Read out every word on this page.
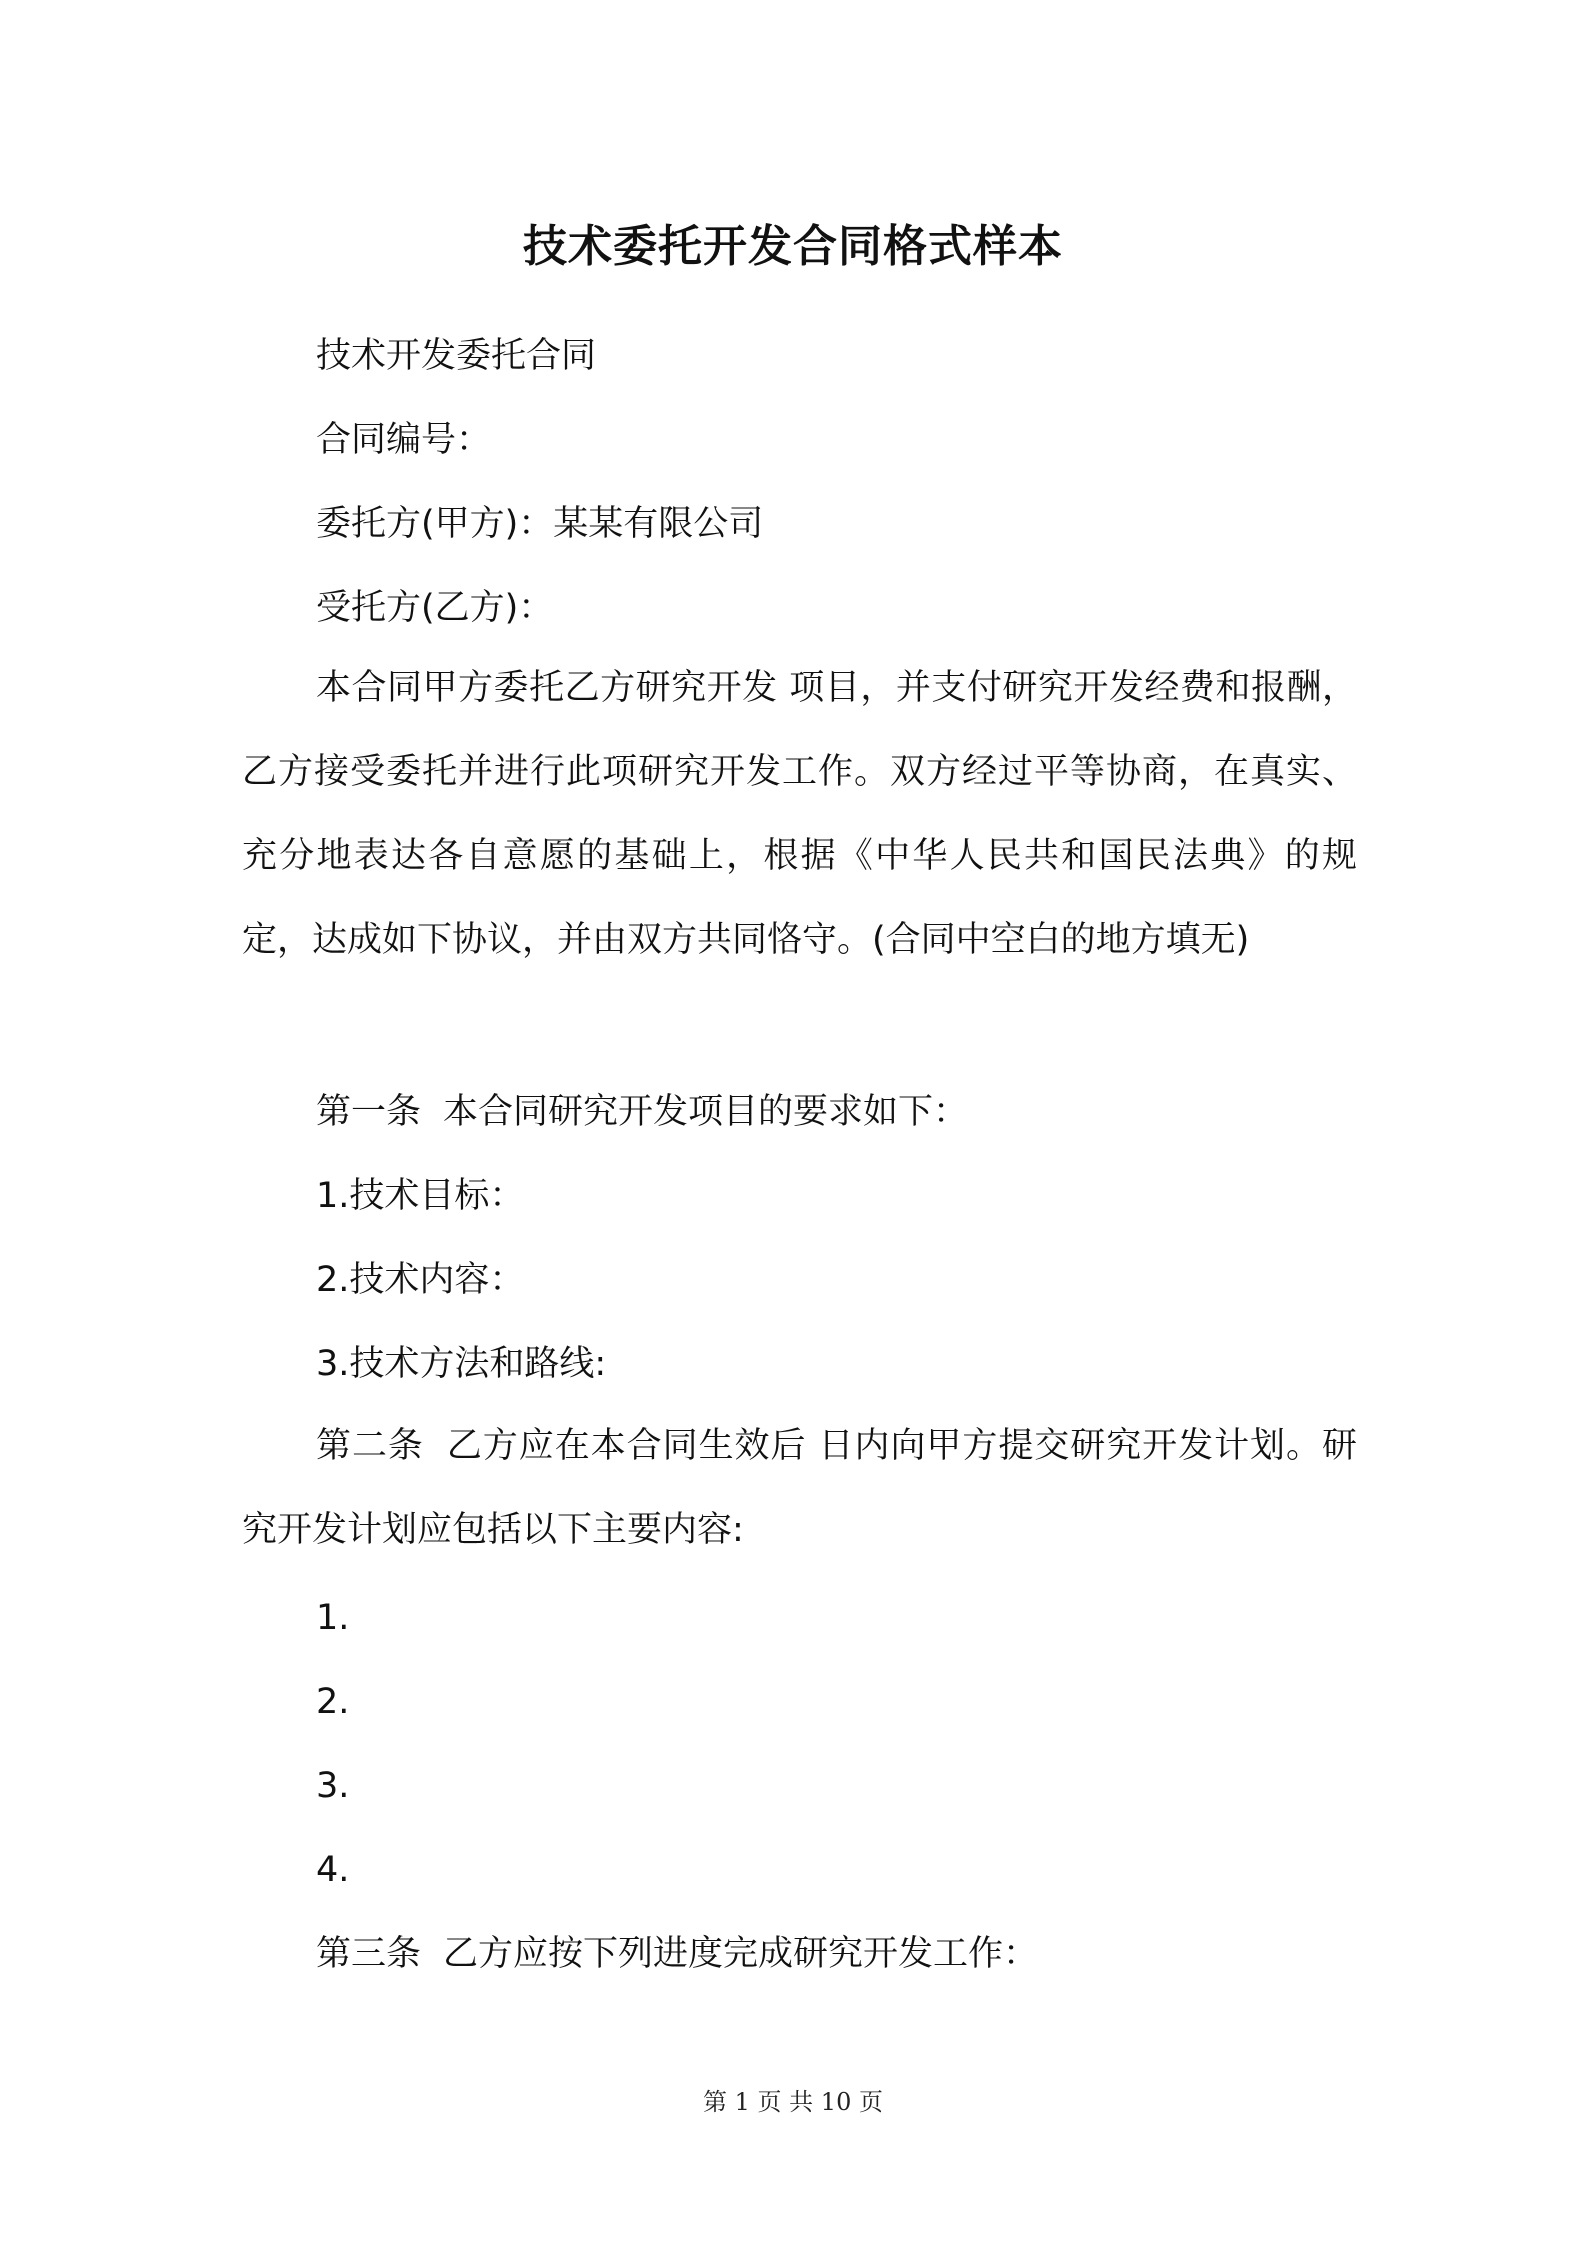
技术委托开发合同格式样本
技术开发委托合同
合同编号：
委托方(甲方)：某某有限公司
受托方(乙方)：

本合同甲方委托乙方研究开发 项目，并支付研究开发经费和报酬，乙方接受委托并进行此项研究开发工作。双方经过平等协商，在真实、充分地表达各自意愿的基础上，根据《中华人民共和国民法典》的规定，达成如下协议，并由双方共同恪守。(合同中空白的地方填无)

第一条 本合同研究开发项目的要求如下：
1.技术目标：
2.技术内容：
3.技术方法和路线:

第二条 乙方应在本合同生效后 日内向甲方提交研究开发计划。研究开发计划应包括以下主要内容:

1.
2.
3.
4.
第三条 乙方应按下列进度完成研究开发工作：
第 1 页 共 10 页
